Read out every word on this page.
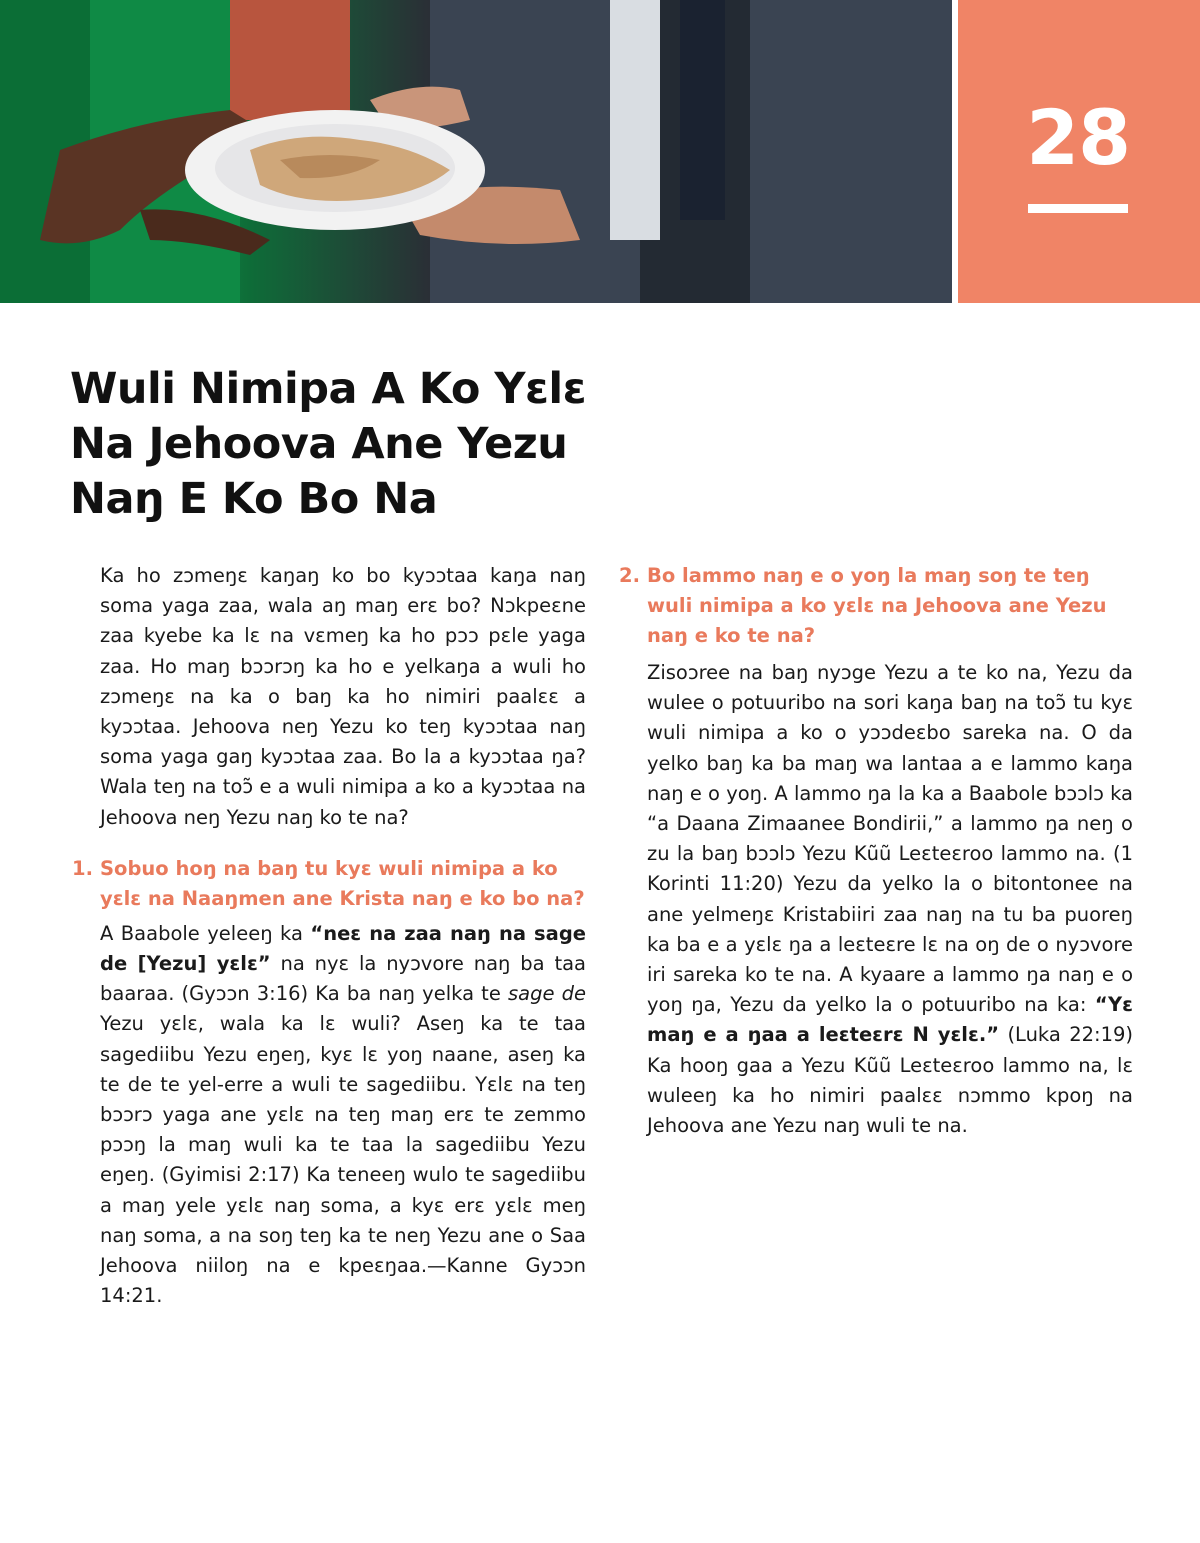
28
Wuli Nimipa A Ko Yɛlɛ
Na Jehoova Ane Yezu
Naŋ E Ko Bo Na

Ka ho zɔmeŋɛ kaŋaŋ ko bo kyɔɔtaa kaŋa naŋ soma yaga zaa, wala aŋ maŋ erɛ bo? Nɔkpeɛne zaa kyebe ka lɛ na vɛmeŋ ka ho pɔɔ pɛle yaga zaa. Ho maŋ bɔɔrɔŋ ka ho e yelkaŋa a wuli ho zɔmeŋɛ na ka o baŋ ka ho nimiri paalɛɛ a kyɔɔtaa. Jehoova neŋ Yezu ko teŋ kyɔɔtaa naŋ soma yaga gaŋ kyɔɔtaa zaa. Bo la a kyɔɔtaa ŋa? Wala teŋ na toɔ̃ e a wuli nimipa a ko a kyɔɔtaa na Jehoova neŋ Yezu naŋ ko te na?

1. Sobuo hoŋ na baŋ tu kyɛ wuli nimipa a ko yɛlɛ na Naaŋmen ane Krista naŋ e ko bo na?

A Baabole yeleeŋ ka “neɛ na zaa naŋ na sage de [Yezu] yɛlɛ” na nyɛ la nyɔvore naŋ ba taa baaraa. (Gyɔɔn 3:16) Ka ba naŋ yelka te sage de Yezu yɛlɛ, wala ka lɛ wuli? Aseŋ ka te taa sagediibu Yezu eŋeŋ, kyɛ lɛ yoŋ naane, aseŋ ka te de te yel-erre a wuli te sagediibu. Yɛlɛ na teŋ bɔɔrɔ yaga ane yɛlɛ na teŋ maŋ erɛ te zemmo pɔɔŋ la maŋ wuli ka te taa la sagediibu Yezu eŋeŋ. (Gyimisi 2:17) Ka teneeŋ wulo te sagediibu a maŋ yele yɛlɛ naŋ soma, a kyɛ erɛ yɛlɛ meŋ naŋ soma, a na soŋ teŋ ka te neŋ Yezu ane o Saa Jehoova niiloŋ na e kpeɛŋaa.—Kanne Gyɔɔn 14:21.

2. Bo lammo naŋ e o yoŋ la maŋ soŋ te teŋ wuli nimipa a ko yɛlɛ na Jehoova ane Yezu naŋ e ko te na?

Zisoɔree na baŋ nyɔge Yezu a te ko na, Yezu da wulee o potuuribo na sori kaŋa baŋ na toɔ̃ tu kyɛ wuli nimipa a ko o yɔɔdeɛbo sareka na. O da yelko baŋ ka ba maŋ wa lantaa a e lammo kaŋa naŋ e o yoŋ. A lammo ŋa la ka a Baabole bɔɔlɔ ka “a Daana Zimaanee Bondirii,” a lammo ŋa neŋ o zu la baŋ bɔɔlɔ Yezu Kũũ Leɛteɛroo lammo na. (1 Korinti 11:20) Yezu da yelko la o bitontonee na ane yelmeŋɛ Kristabiiri zaa naŋ na tu ba puoreŋ ka ba e a yɛlɛ ŋa a leɛteɛre lɛ na oŋ de o nyɔvore iri sareka ko te na. A kyaare a lammo ŋa naŋ e o yoŋ ŋa, Yezu da yelko la o potuuribo na ka: “Yɛ maŋ e a ŋaa a leɛteɛrɛ N yɛlɛ.” (Luka 22:19) Ka hooŋ gaa a Yezu Kũũ Leɛteɛroo lammo na, lɛ wuleeŋ ka ho nimiri paalɛɛ nɔmmo kpoŋ na Jehoova ane Yezu naŋ wuli te na.
